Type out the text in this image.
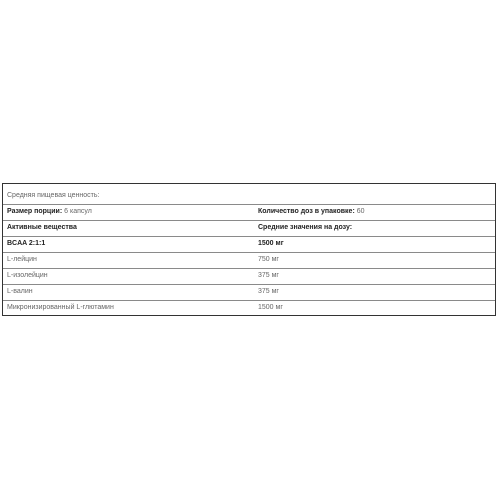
Средняя пищевая ценность:
Размер порции: 6 капсул	Количество доз в упаковке: 60
Активные вещества	Средние значения на дозу:
BCAA 2:1:1	1500 мг
L-лейцин	750 мг
L-изолейцин	375 мг
L-валин	375 мг
Микронизированный L-глютамин	1500 мг
